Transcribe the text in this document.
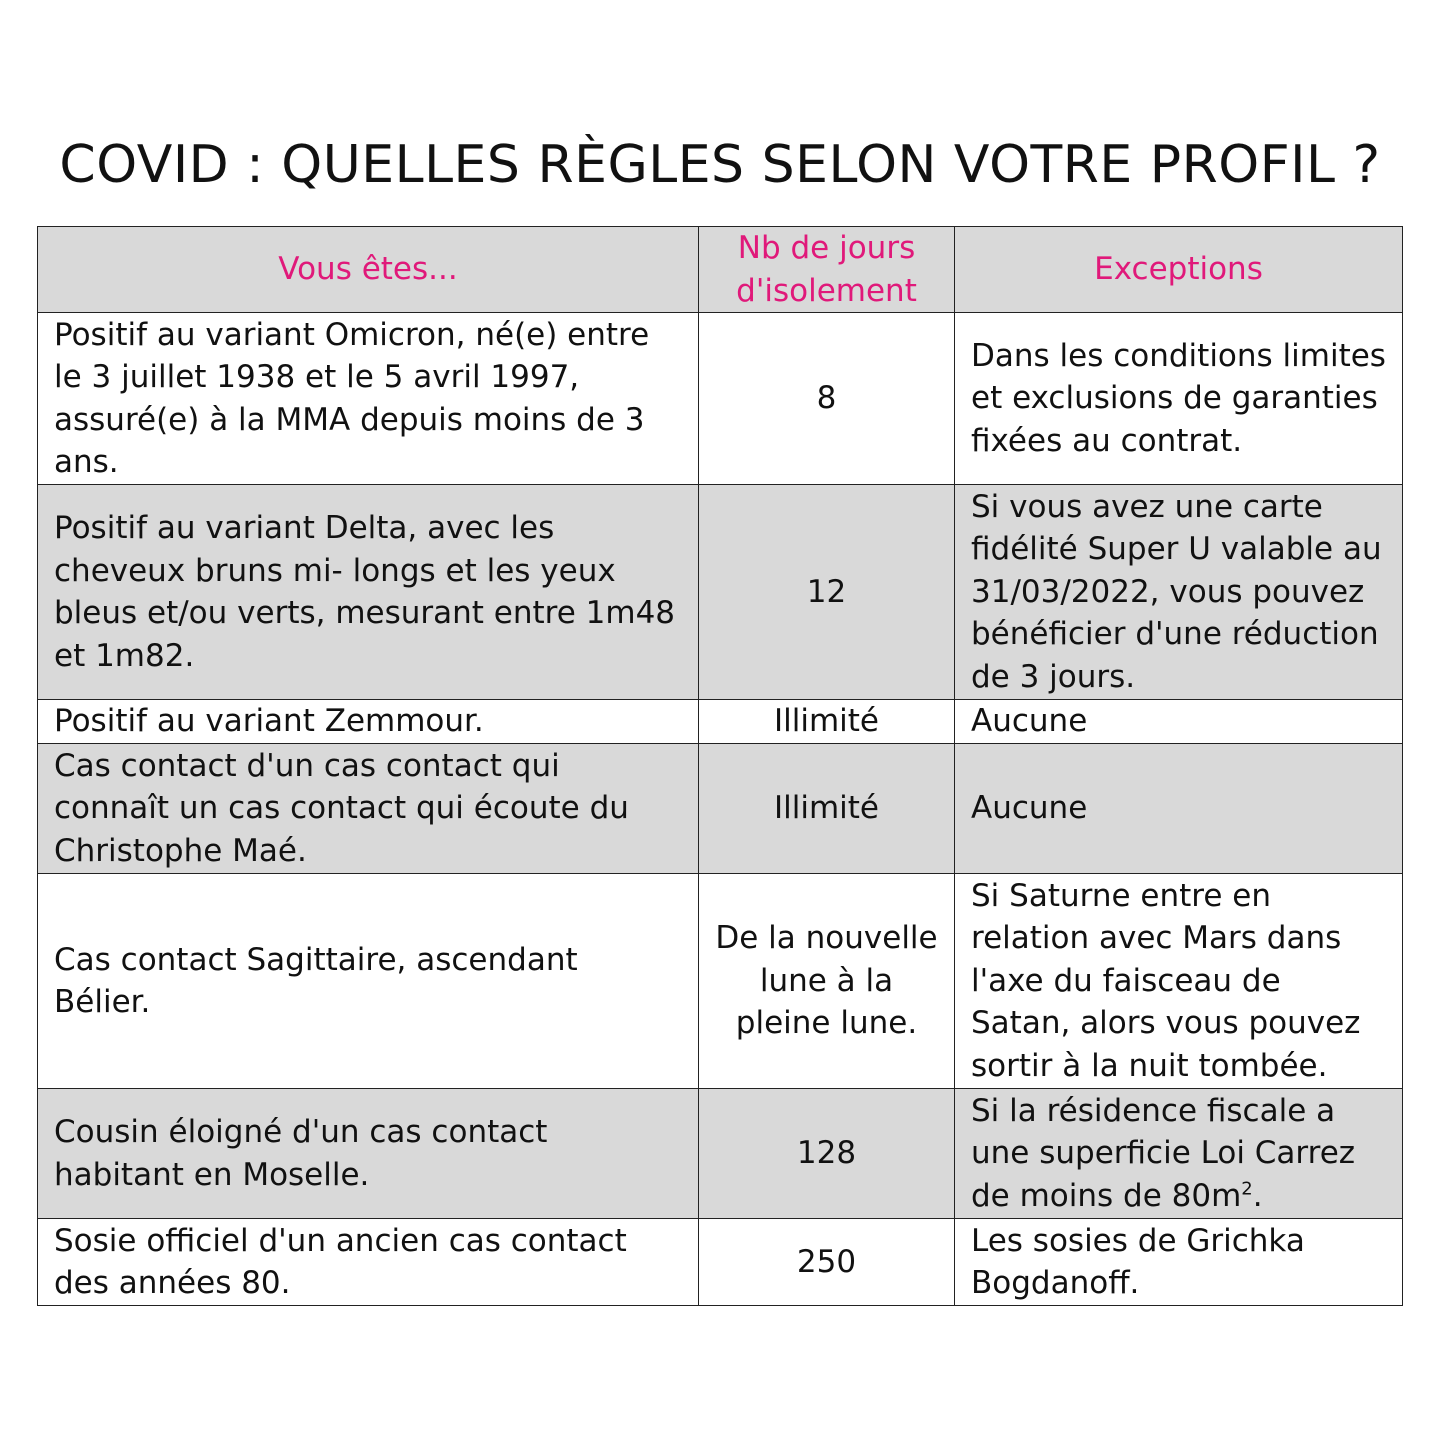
COVID : QUELLES RÈGLES SELON VOTRE PROFIL ?
Vous êtes...	Nb de jours d'isolement	Exceptions
Positif au variant Omicron, né(e) entre le 3 juillet 1938 et le 5 avril 1997, assuré(e) à la MMA depuis moins de 3 ans.	8	Dans les conditions limites et exclusions de garanties fixées au contrat.
Positif au variant Delta, avec les cheveux bruns mi- longs et les yeux bleus et/ou verts, mesurant entre 1m48 et 1m82.	12	Si vous avez une carte fidélité Super U valable au 31/03/2022, vous pouvez bénéficier d'une réduction de 3 jours.
Positif au variant Zemmour.	Illimité	Aucune
Cas contact d'un cas contact qui connaît un cas contact qui écoute du Christophe Maé.	Illimité	Aucune
Cas contact Sagittaire, ascendant Bélier.	De la nouvelle lune à la pleine lune.	Si Saturne entre en relation avec Mars dans l'axe du faisceau de Satan, alors vous pouvez sortir à la nuit tombée.
Cousin éloigné d'un cas contact habitant en Moselle.	128	Si la résidence fiscale a une superficie Loi Carrez de moins de $80m^2$.
Sosie officiel d'un ancien cas contact des années 80.	250	Les sosies de Grichka Bogdanoff.
